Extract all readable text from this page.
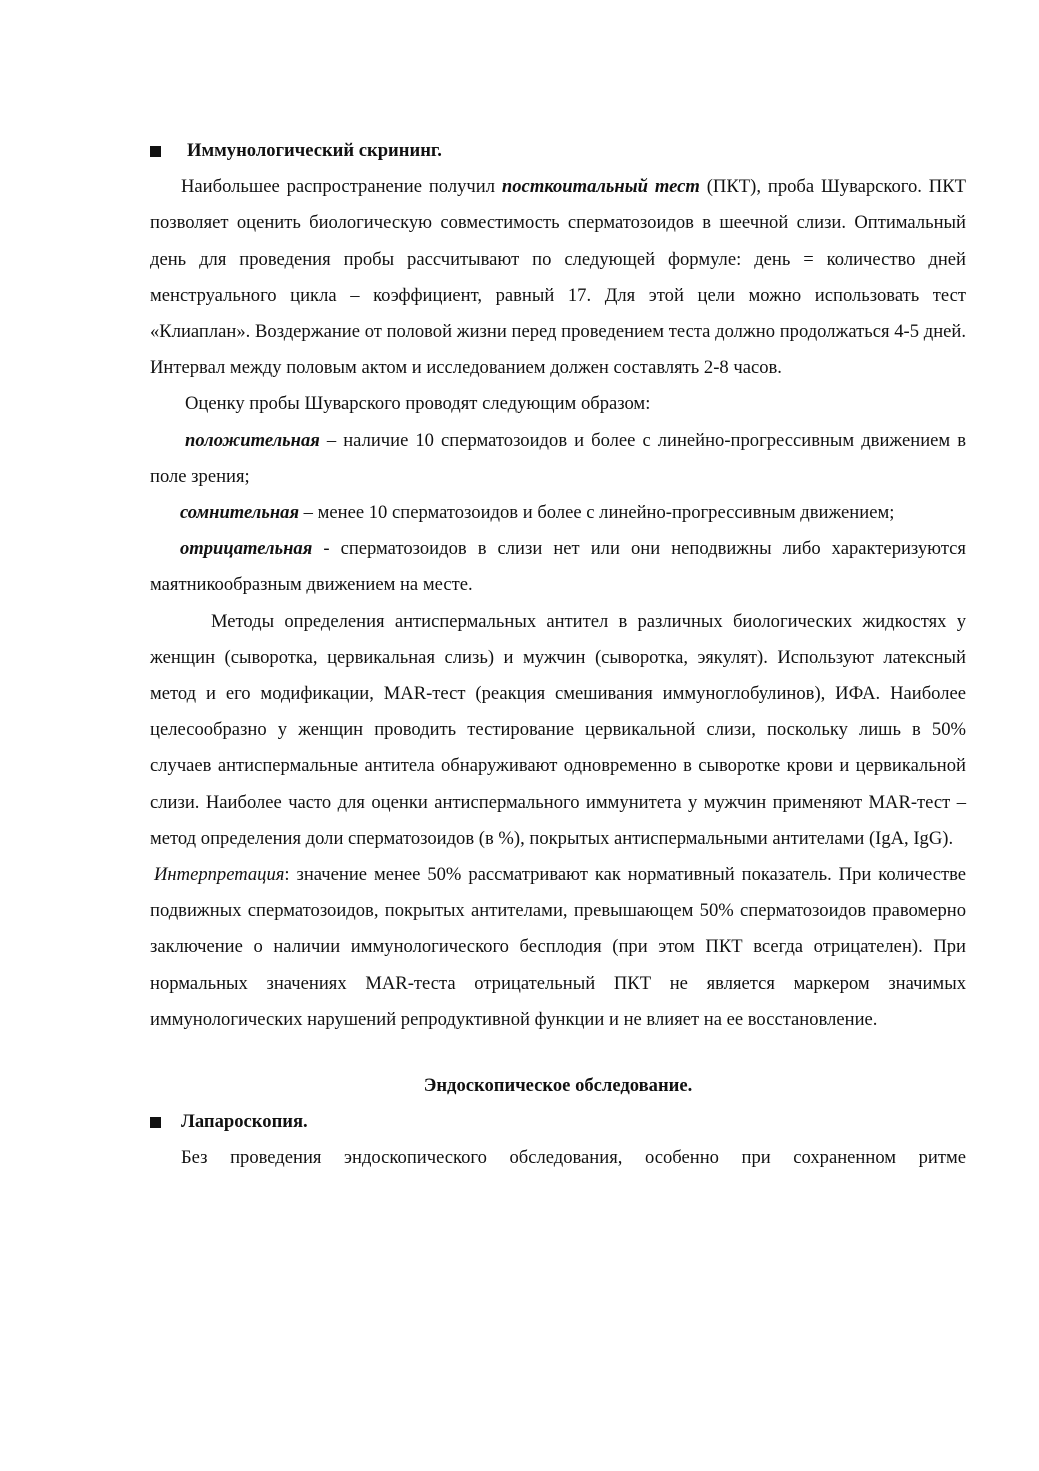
Иммунологический скрининг.

Наибольшее распространение получил посткоитальный тест (ПКТ), проба Шуварского. ПКТ позволяет оценить биологическую совместимость сперматозоидов в шеечной слизи. Оптимальный день для проведения пробы рассчитывают по следующей формуле: день = количество дней менструального цикла – коэффициент, равный 17. Для этой цели можно использовать тест «Клиаплан». Воздержание от половой жизни перед проведением теста должно продолжаться 4-5 дней. Интервал между половым актом и исследованием должен составлять 2-8 часов.

Оценку пробы Шуварского проводят следующим образом:

положительная – наличие 10 сперматозоидов и более с линейно-прогрессивным движением в поле зрения;

сомнительная – менее 10 сперматозоидов и более с линейно-прогрессивным движением;

отрицательная - сперматозоидов в слизи нет или они неподвижны либо характеризуются маятникообразным движением на месте.

Методы определения антиспермальных антител в различных биологических жидкостях у женщин (сыворотка, цервикальная слизь) и мужчин (сыворотка, эякулят). Используют латексный метод и его модификации, MAR-тест (реакция смешивания иммуноглобулинов), ИФА. Наиболее целесообразно у женщин проводить тестирование цервикальной слизи, поскольку лишь в 50% случаев антиспермальные антитела обнаруживают одновременно в сыворотке крови и цервикальной слизи. Наиболее часто для оценки антиспермального иммунитета у мужчин применяют MAR-тест – метод определения доли сперматозоидов (в %), покрытых антиспермальными антителами (IgA, IgG).

Интерпретация: значение менее 50% рассматривают как нормативный показатель. При количестве подвижных сперматозоидов, покрытых антителами, превышающем 50% сперматозоидов правомерно заключение о наличии иммунологического бесплодия (при этом ПКТ всегда отрицателен). При нормальных значениях MAR-теста отрицательный ПКТ не является маркером значимых иммунологических нарушений репродуктивной функции и не влияет на ее восстановление.

Эндоскопическое обследование.
Лапароскопия.

Без проведения эндоскопического обследования, особенно при сохраненном ритме
